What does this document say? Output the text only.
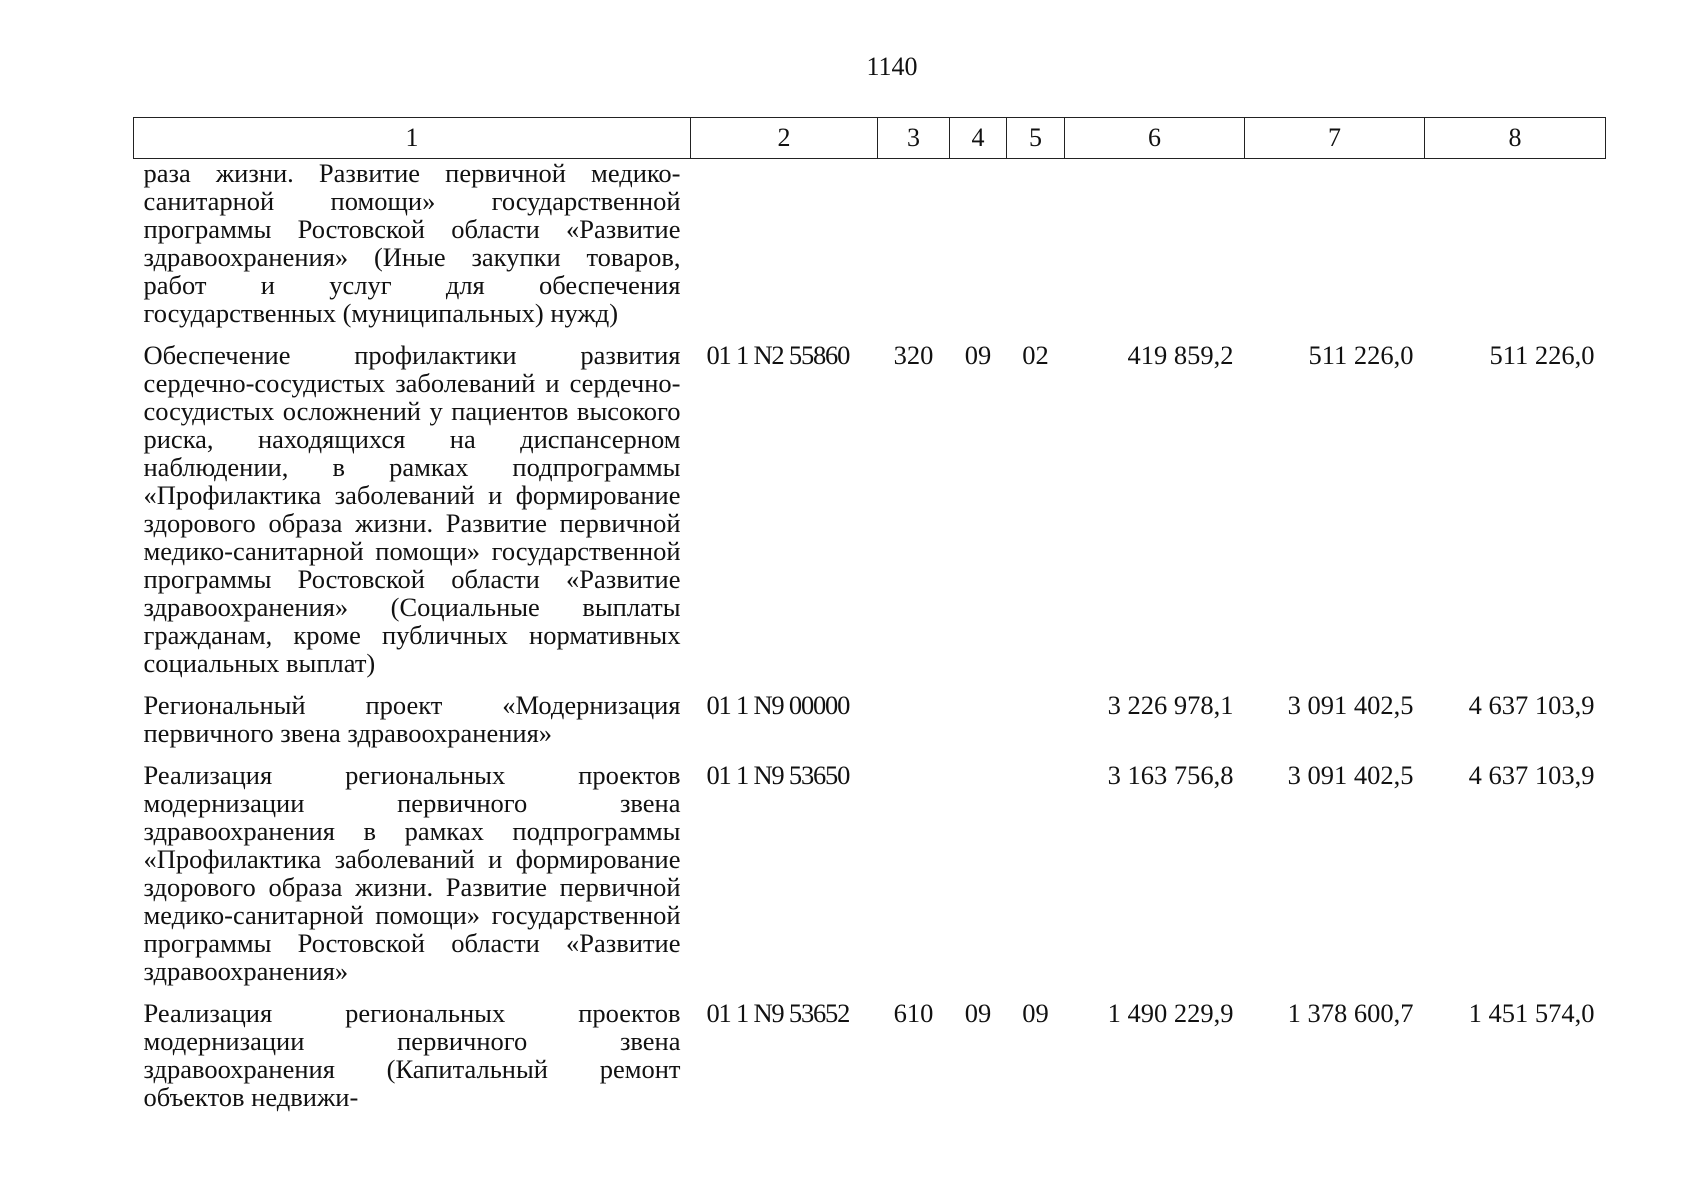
1140
1	2	3	4	5	6	7	8
раза жизни. Развитие первичной медико-санитарной помощи» государственной программы Ростовской области «Развитие здравоохранения» (Иные закупки товаров, работ и услуг для обеспечения государственных (муниципальных) нужд)							
Обеспечение профилактики развития сердечно-сосудистых заболеваний и сердечно-сосудистых осложнений у пациентов высокого риска, находящихся на диспансерном наблюдении, в рамках подпрограммы «Профилактика заболеваний и формирование здорового образа жизни. Развитие первичной медико-санитарной помощи» государственной программы Ростовской области «Развитие здравоохранения» (Социальные выплаты гражданам, кроме публичных нормативных социальных выплат)	01 1 N2 55860	320	09	02	419 859,2	511 226,0	511 226,0
Региональный проект «Модернизация первичного звена здравоохранения»	01 1 N9 00000				3 226 978,1	3 091 402,5	4 637 103,9
Реализация региональных проектов модернизации первичного звена здравоохранения в рамках подпрограммы «Профилактика заболеваний и формирование здорового образа жизни. Развитие первичной медико-санитарной помощи» государственной программы Ростовской области «Развитие здравоохранения»	01 1 N9 53650				3 163 756,8	3 091 402,5	4 637 103,9
Реализация региональных проектов модернизации первичного звена здравоохранения (Капитальный ремонт объектов недвижи-	01 1 N9 53652	610	09	09	1 490 229,9	1 378 600,7	1 451 574,0
